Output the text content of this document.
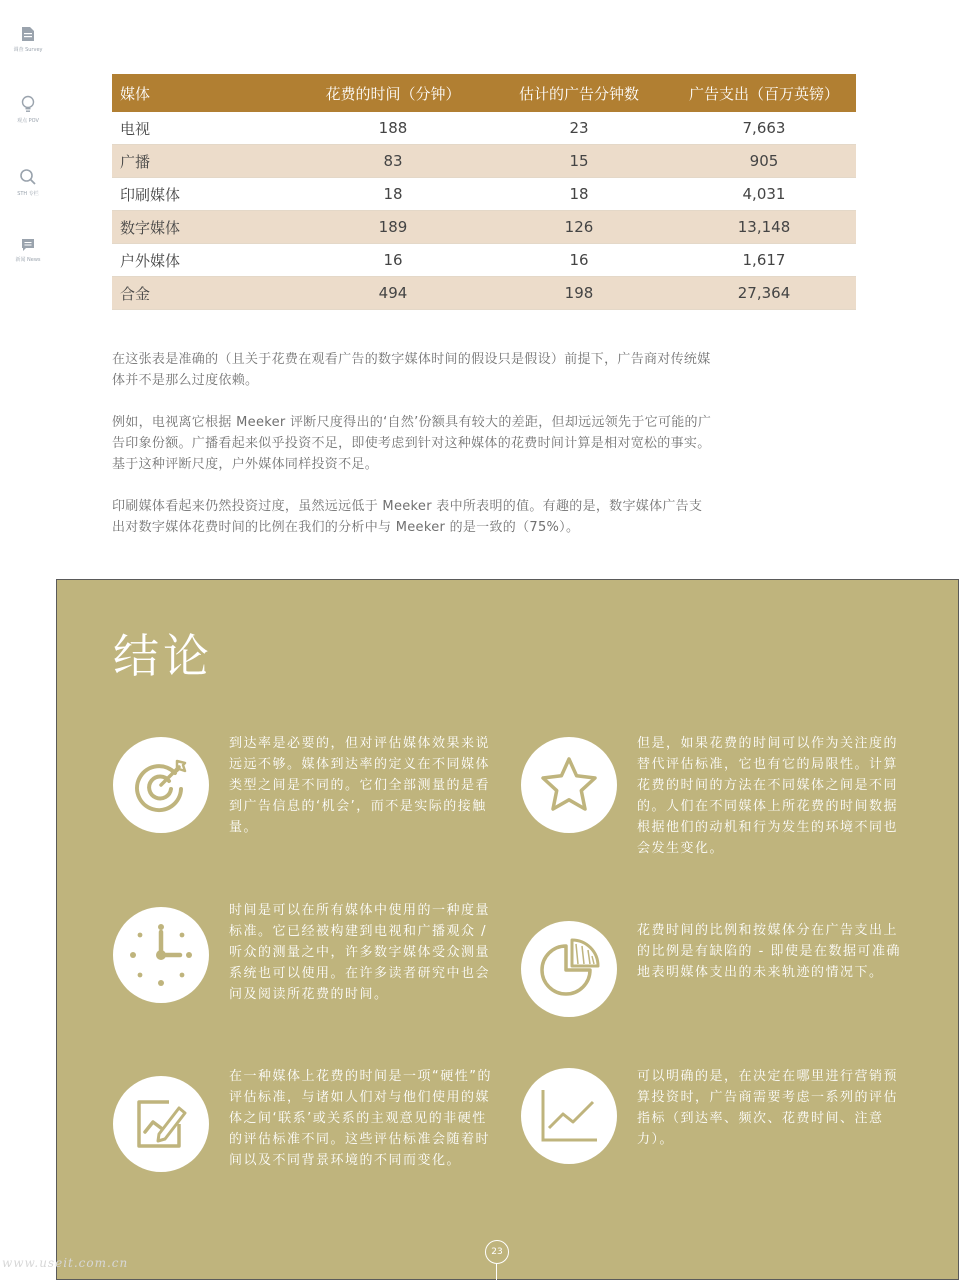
调查 Survey
观点 POV
STH 专栏
新闻 News
媒体	花费的时间（分钟）	估计的广告分钟数	广告支出（百万英镑）
电视	188	23	7,663
广播	83	15	905
印刷媒体	18	18	4,031
数字媒体	189	126	13,148
户外媒体	16	16	1,617
合金	494	198	27,364

在这张表是准确的（且关于花费在观看广告的数字媒体时间的假设只是假设）前提下，广告商对传统媒体并不是那么过度依赖。

例如，电视离它根据 Meeker 评断尺度得出的‘自然’份额具有较大的差距，但却远远领先于它可能的广告印象份额。广播看起来似乎投资不足，即使考虑到针对这种媒体的花费时间计算是相对宽松的事实。基于这种评断尺度，户外媒体同样投资不足。

印刷媒体看起来仍然投资过度，虽然远远低于 Meeker 表中所表明的值。有趣的是，数字媒体广告支出对数字媒体花费时间的比例在我们的分析中与 Meeker 的是一致的（75%）。

结论

到达率是必要的，但对评估媒体效果来说远远不够。媒体到达率的定义在不同媒体类型之间是不同的。它们全部测量的是看到广告信息的‘机会’，而不是实际的接触量。

但是，如果花费的时间可以作为关注度的替代评估标准，它也有它的局限性。计算花费的时间的方法在不同媒体之间是不同的。人们在不同媒体上所花费的时间数据根据他们的动机和行为发生的环境不同也会发生变化。

时间是可以在所有媒体中使用的一种度量标准。它已经被构建到电视和广播观众 / 听众的测量之中，许多数字媒体受众测量系统也可以使用。在许多读者研究中也会问及阅读所花费的时间。

花费时间的比例和按媒体分在广告支出上的比例是有缺陷的 - 即使是在数据可准确地表明媒体支出的未来轨迹的情况下。

在一种媒体上花费的时间是一项“硬性”的评估标准，与诸如人们对与他们使用的媒体之间‘联系’或关系的主观意见的非硬性的评估标准不同。这些评估标准会随着时间以及不同背景环境的不同而变化。

可以明确的是，在决定在哪里进行营销预算投资时，广告商需要考虑一系列的评估指标（到达率、频次、花费时间、注意力）。

23
www.useit.com.cn
